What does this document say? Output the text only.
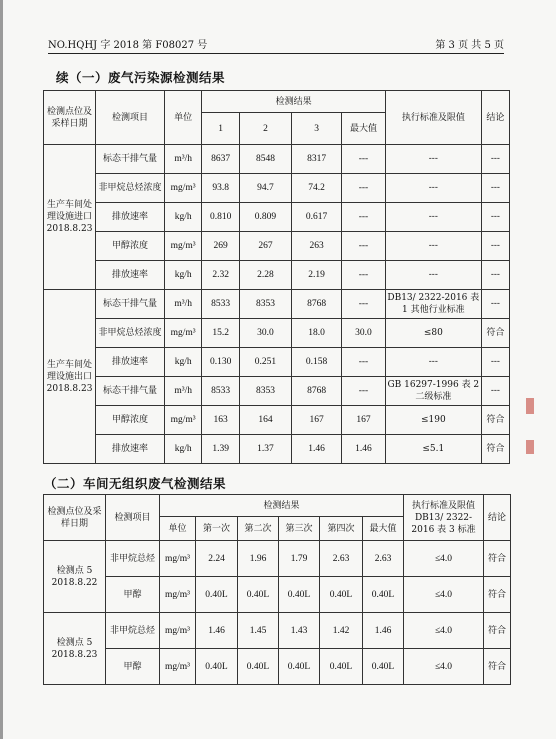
NO.HQHJ 字 2018 第 F08027 号	第 3 页 共 5 页
续（一）废气污染源检测结果
检测点位及采样日期	检测项目	单位	检测结果				执行标准及限值	结论
			1	2	3	最大值		
生产车间处理设施进口 2018.8.23	标态干排气量	m³/h	8637	8548	8317	---	---	---
	非甲烷总烃浓度	mg/m³	93.8	94.7	74.2	---	---	---
	排放速率	kg/h	0.810	0.809	0.617	---	---	---
	甲醇浓度	mg/m³	269	267	263	---	---	---
	排放速率	kg/h	2.32	2.28	2.19	---	---	---
生产车间处理设施出口 2018.8.23	标态干排气量	m³/h	8533	8353	8768	---	DB13/ 2322-2016 表 1 其他行业标准	---
	非甲烷总烃浓度	mg/m³	15.2	30.0	18.0	30.0	≤80	符合
	排放速率	kg/h	0.130	0.251	0.158	---	---	---
	标态干排气量	m³/h	8533	8353	8768	---	GB 16297-1996 表 2 二级标准	---
	甲醇浓度	mg/m³	163	164	167	167	≤190	符合
	排放速率	kg/h	1.39	1.37	1.46	1.46	≤5.1	符合
（二）车间无组织废气检测结果
检测点位及采样日期	检测项目	检测结果						执行标准及限值 DB13/ 2322-2016 表 3 标准	结论
		单位	第一次	第二次	第三次	第四次	最大值		
检测点 5 2018.8.22	非甲烷总烃	mg/m³	2.24	1.96	1.79	2.63	2.63	≤4.0	符合
	甲醇	mg/m³	0.40L	0.40L	0.40L	0.40L	0.40L	≤4.0	符合
检测点 5 2018.8.23	非甲烷总烃	mg/m³	1.46	1.45	1.43	1.42	1.46	≤4.0	符合
	甲醇	mg/m³	0.40L	0.40L	0.40L	0.40L	0.40L	≤4.0	符合
